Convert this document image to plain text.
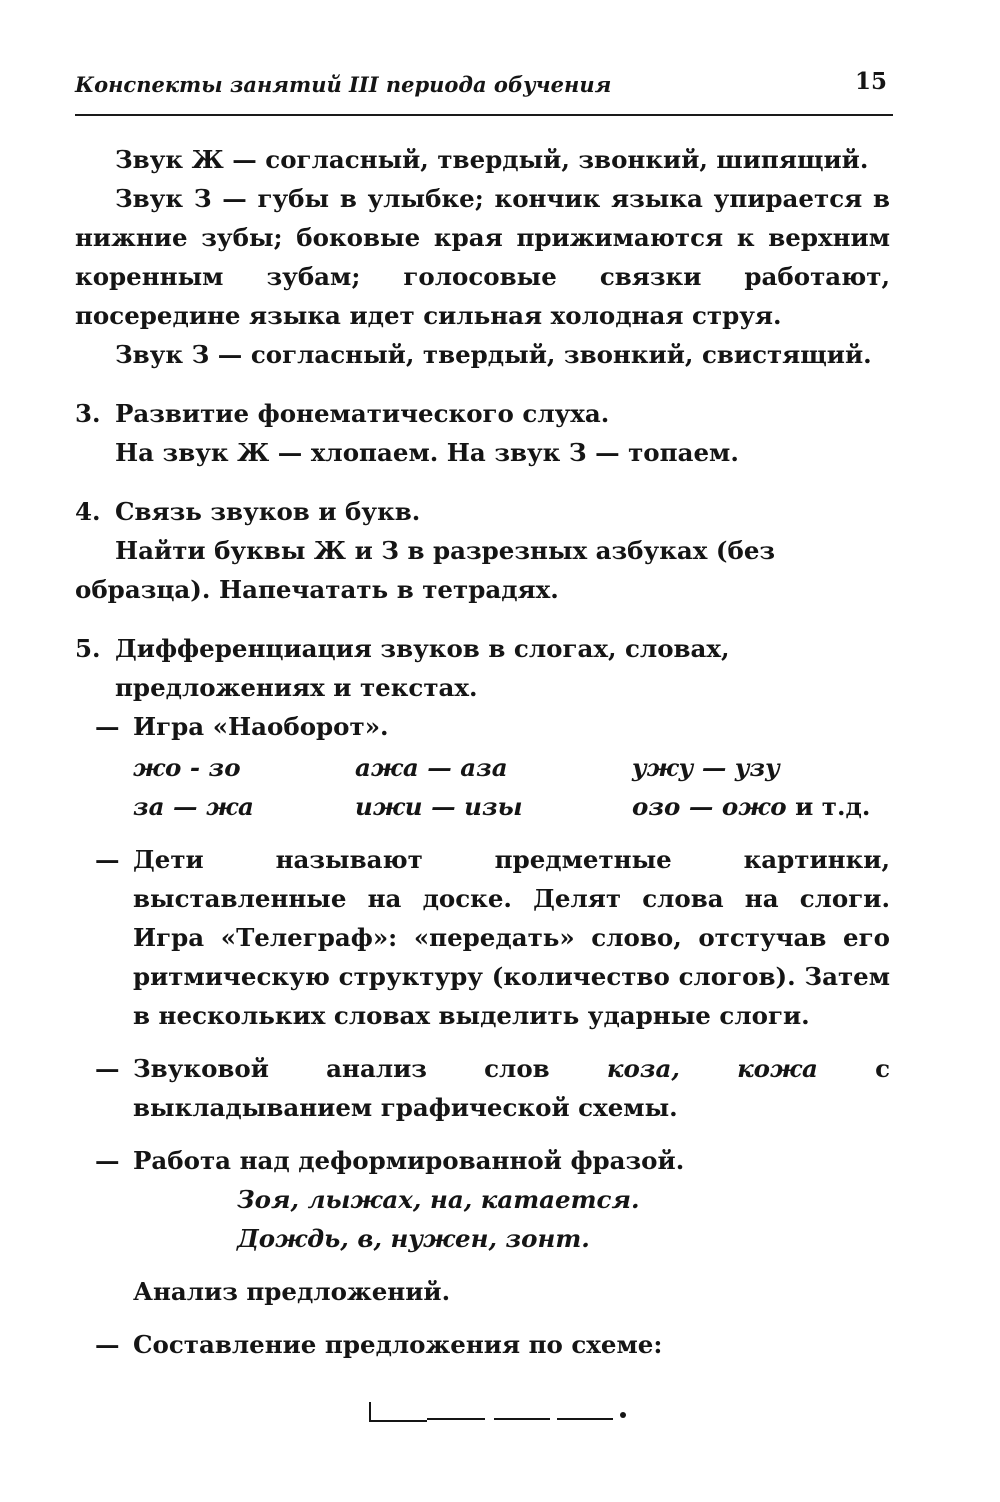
Конспекты занятий III периода обучения	15

Звук Ж — согласный, твердый, звонкий, шипящий.

Звук З — губы в улыбке; кончик языка упирается в нижние зубы; боковые края прижимаются к верхним коренным зубам; голосовые связки работают, посередине языка идет сильная холодная струя.

Звук З — согласный, твердый, звонкий, свистящий.

3. Развитие фонематического слуха.

На звук Ж — хлопаем. На звук З — топаем.

4. Связь звуков и букв.

Найти буквы Ж и З в разрезных азбуках (без образца). Напечатать в тетрадях.

5. Дифференциация звуков в слогах, словах, предложениях и текстах.

— Игра «Наоборот».

жо - зо	ажа — аза	ужу — узу
за — жа	ижи — изы	озо — ожо и т.д.
— Дети называют предметные картинки, выставленные на доске. Делят слова на слоги. Игра «Телеграф»: «передать» слово, отстучав его ритмическую структуру (количество слогов). Затем в нескольких словах выделить ударные слоги.

— Звуковой анализ слов коза, кожа с выкладыванием графической схемы.

— Работа над деформированной фразой.

Зоя, лыжах, на, катается.

Дождь, в, нужен, зонт.

Анализ предложений.

— Составление предложения по схеме:
